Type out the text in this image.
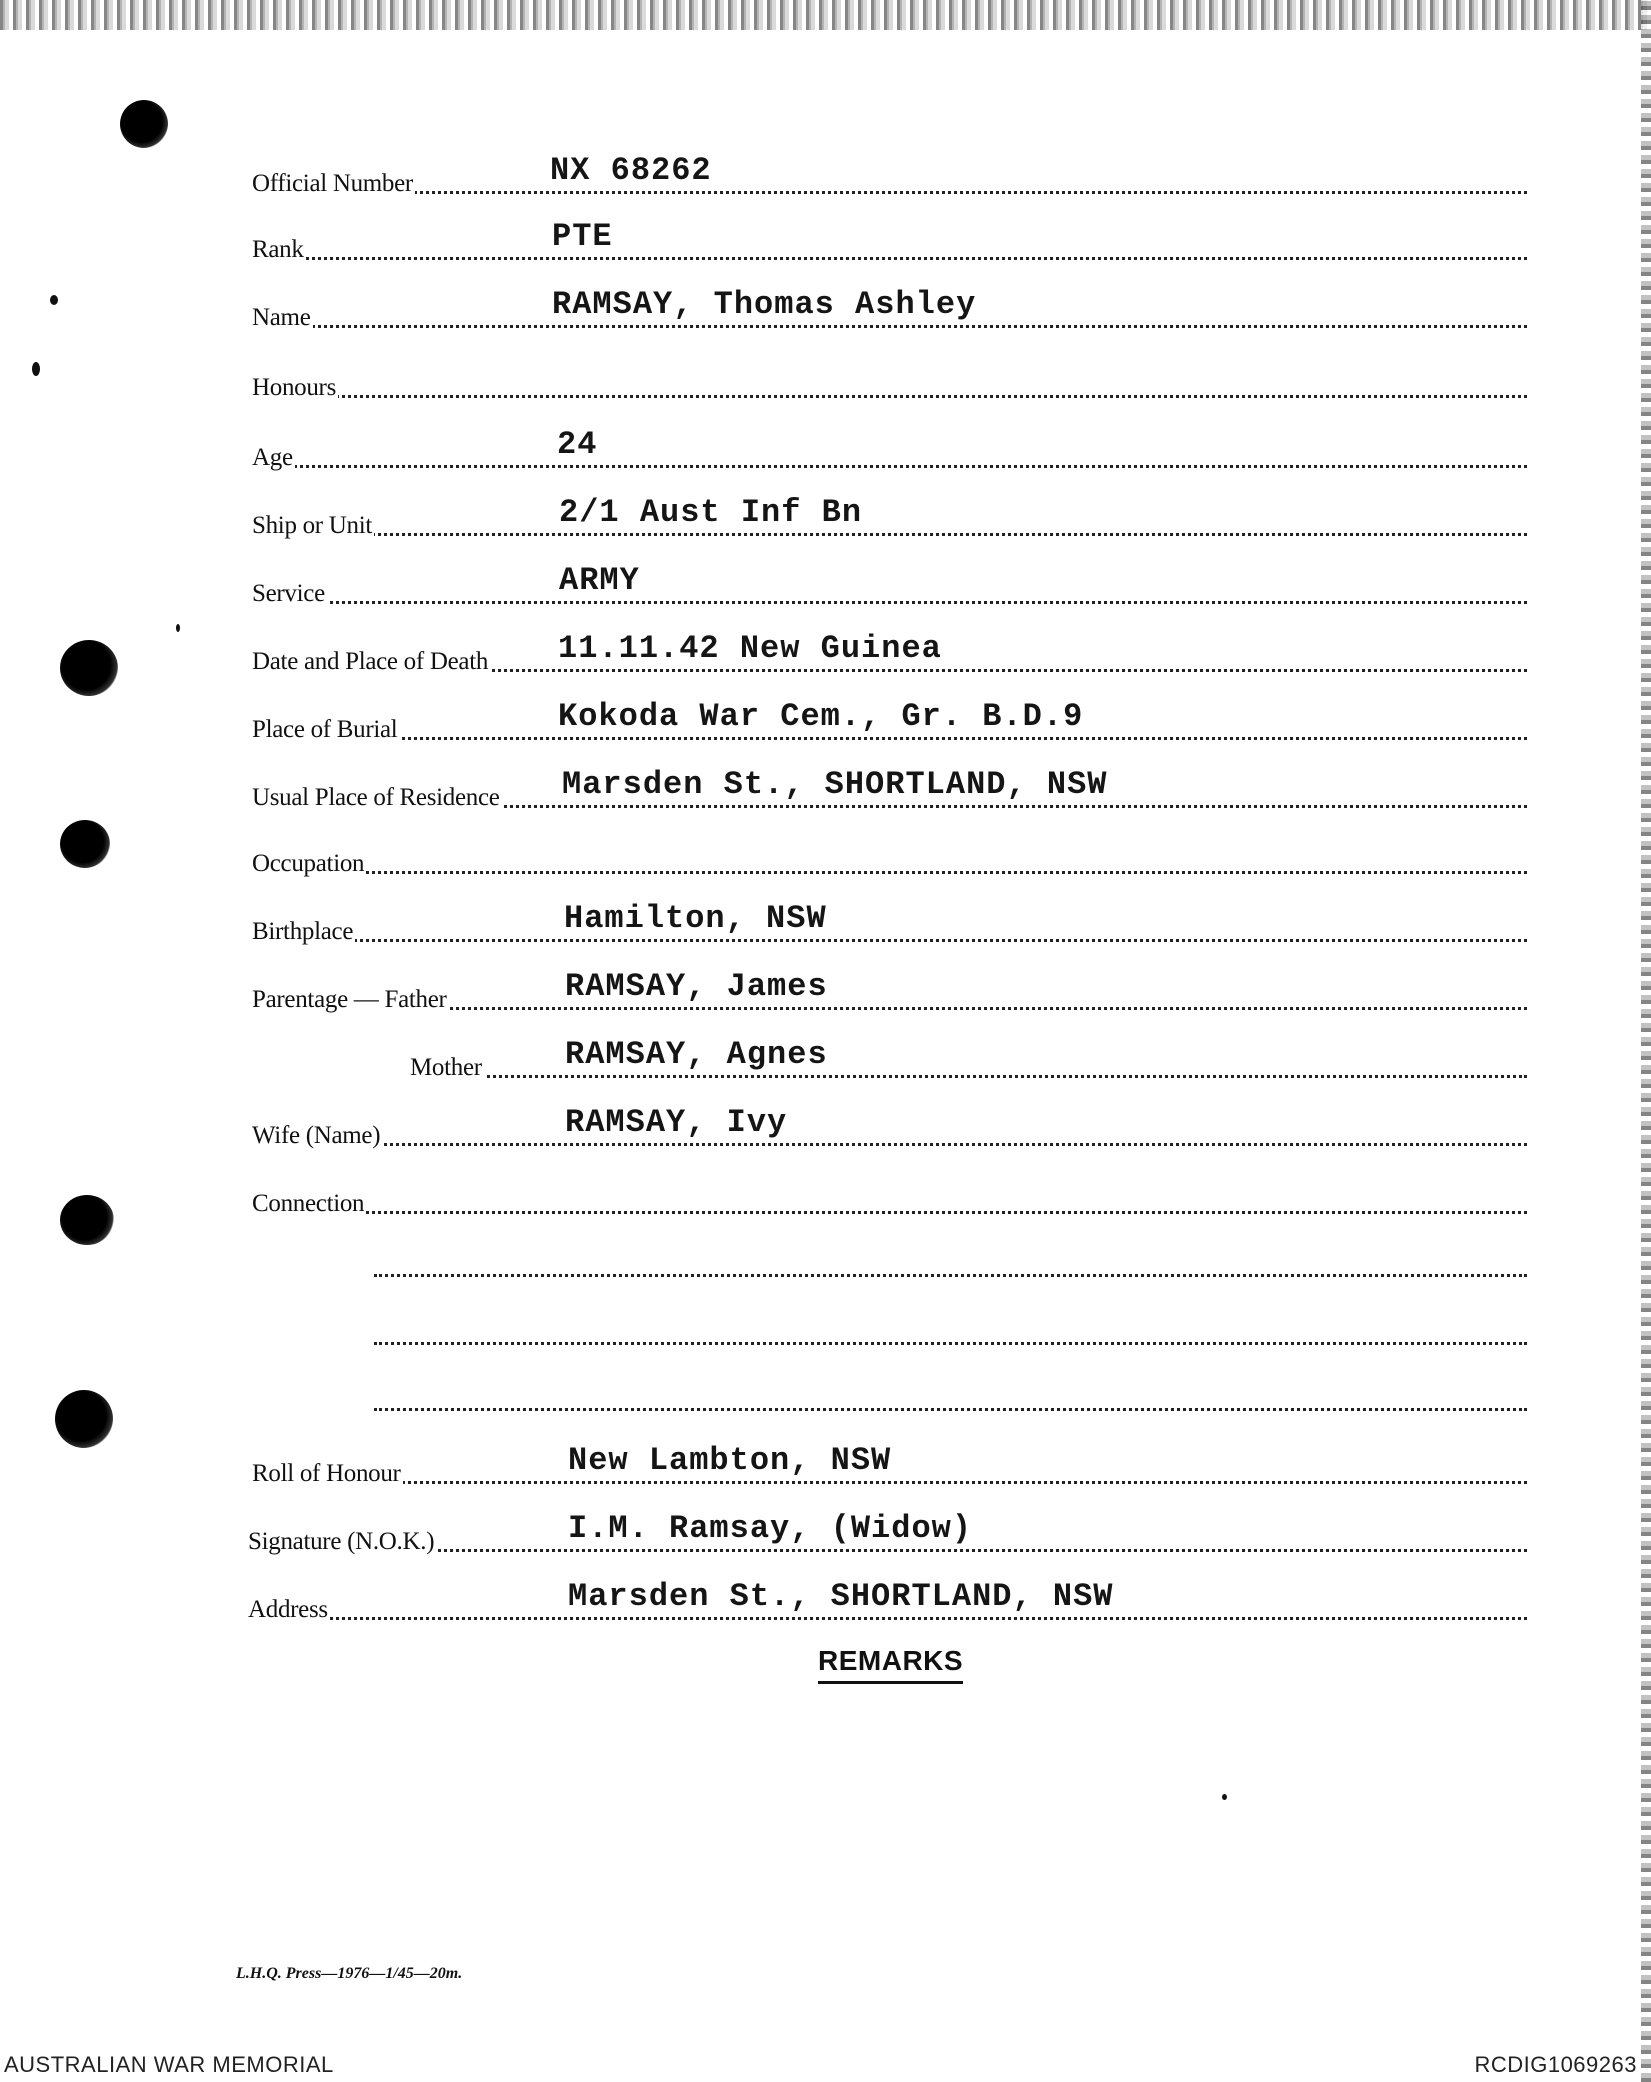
Official Number	NX 68262
Rank	PTE
Name	RAMSAY, Thomas Ashley
Honours
Age	24
Ship or Unit	2/1 Aust Inf Bn
Service	ARMY
Date and Place of Death 11.11.42 New Guinea
Place of Burial	Kokoda War Cem., Gr. B.D.9
Usual Place of Residence Marsden St., SHORTLAND, NSW
Occupation
Birthplace	Hamilton, NSW
Parentage — Father	RAMSAY, James
Mother	RAMSAY, Agnes
Wife (Name)	RAMSAY, Ivy
Connection
Roll of Honour	New Lambton, NSW
Signature (N.O.K.)	I.M. Ramsay, (Widow)
Address	Marsden St., SHORTLAND, NSW
REMARKS
L.H.Q. Press—1976—1/45—20m.
AUSTRALIAN WAR MEMORIAL	RCDIG1069263
